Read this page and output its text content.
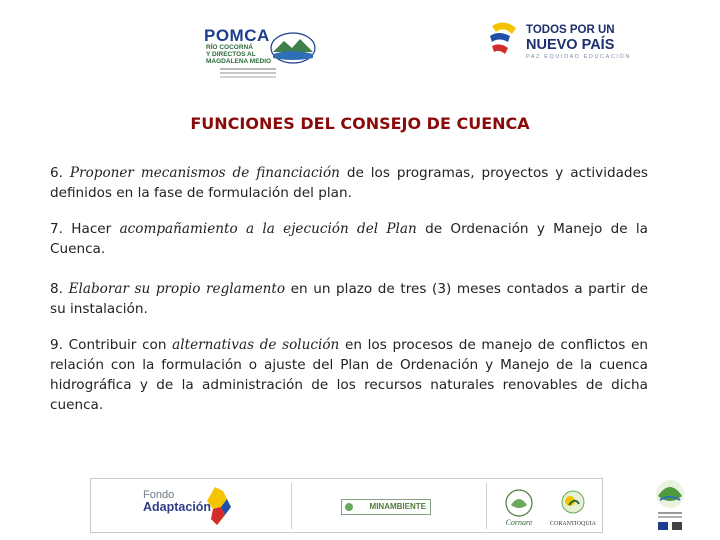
POMCA
RÍO COCORNÁ
Y DIRECTOS AL
MAGDALENA MEDIO
TODOS POR UN
NUEVO PAÍS
PAZ EQUIDAD EDUCACIÓN
FUNCIONES DEL CONSEJO DE CUENCA

6. Proponer mecanismos de financiación de los programas, proyectos y actividades definidos en la fase de formulación del plan.

7. Hacer acompañamiento a la ejecución del Plan de Ordenación y Manejo de la Cuenca.

8. Elaborar su propio reglamento en un plazo de tres (3) meses contados a partir de su instalación.

9. Contribuir con alternativas de solución en los procesos de manejo de conflictos en relación con la formulación o ajuste del Plan de Ordenación y Manejo de la cuenca hidrográfica y de la administración de los recursos naturales renovables de dicha cuenca.

Fondo
Adaptación	MINAMBIENTE
Cornare	CORANTIOQUIA
